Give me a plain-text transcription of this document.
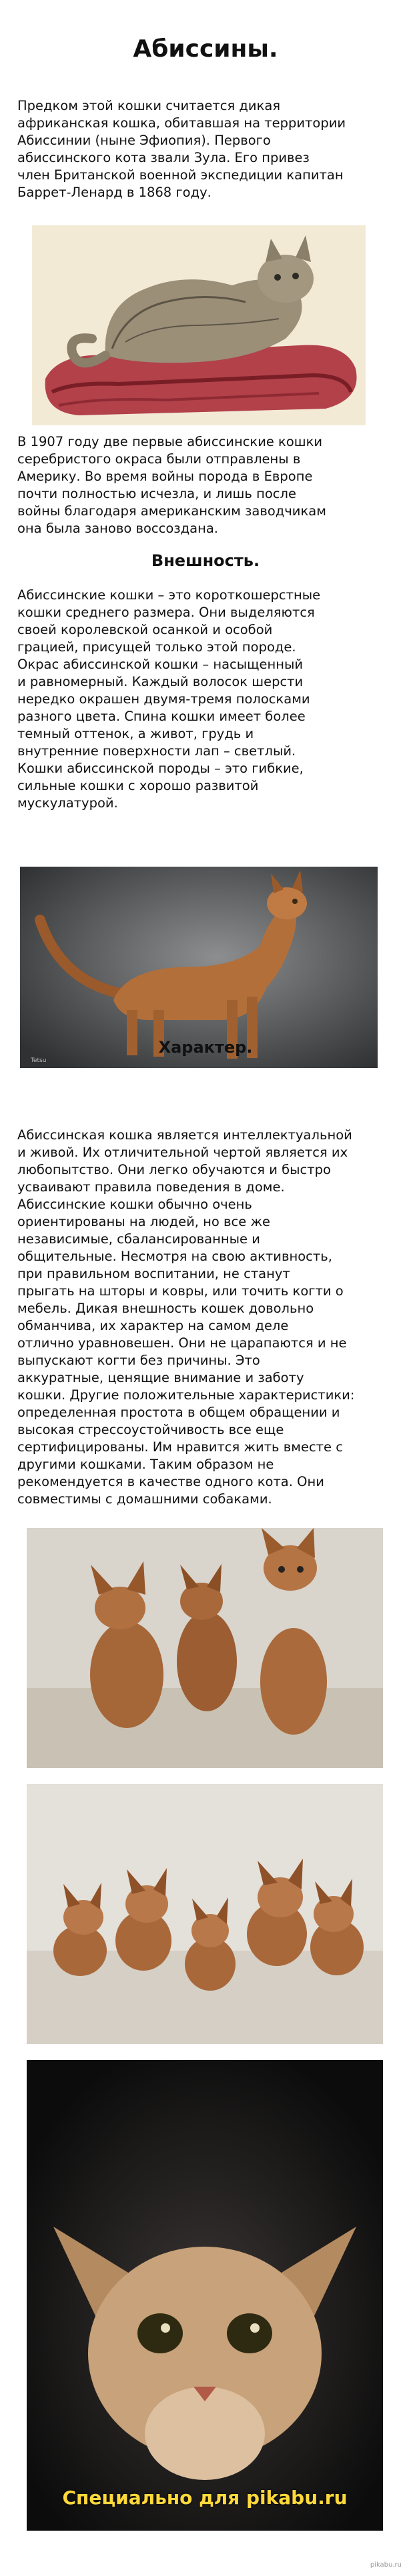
Абиссины.
Предком этой кошки считается дикая
африканская кошка, обитавшая на территории
Абиссинии (ныне Эфиопия). Первого
абиссинского кота звали Зула. Его привез
член Британской военной экспедиции капитан
Баррет-Ленард в 1868 году.
В 1907 году две первые абиссинские кошки
серебристого окраса были отправлены в
Америку. Во время войны порода в Европе
почти полностью исчезла, и лишь после
войны благодаря американским заводчикам
она была заново воссоздана.
Внешность.
Абиссинские кошки – это короткошерстные
кошки среднего размера. Они выделяются
своей королевской осанкой и особой
грацией, присущей только этой породе.
Окрас абиссинской кошки – насыщенный
и равномерный. Каждый волосок шерсти
нередко окрашен двумя-тремя полосками
разного цвета. Спина кошки имеет более
темный оттенок, а живот, грудь и
внутренние поверхности лап – светлый.
Кошки абиссинской породы – это гибкие,
сильные кошки с хорошо развитой
мускулатурой.
Tetsu
Характер.
Абиссинская кошка является интеллектуальной
и живой. Их отличительной чертой является их
любопытство. Они легко обучаются и быстро
усваивают правила поведения в доме.
Абиссинские кошки обычно очень
ориентированы на людей, но все же
независимые, сбалансированные и
общительные. Несмотря на свою активность,
при правильном воспитании, не станут
прыгать на шторы и ковры, или точить когти о
мебель. Дикая внешность кошек довольно
обманчива, их характер на самом деле
отлично уравновешен. Они не царапаются и не
выпускают когти без причины. Это
аккуратные, ценящие внимание и заботу
кошки. Другие положительные характеристики:
определенная простота в общем обращении и
высокая стрессоустойчивость все еще
сертифицированы. Им нравится жить вместе с
другими кошками. Таким образом не
рекомендуется в качестве одного кота. Они
совместимы с домашними собаками.
Специально для pikabu.ru
pikabu.ru
